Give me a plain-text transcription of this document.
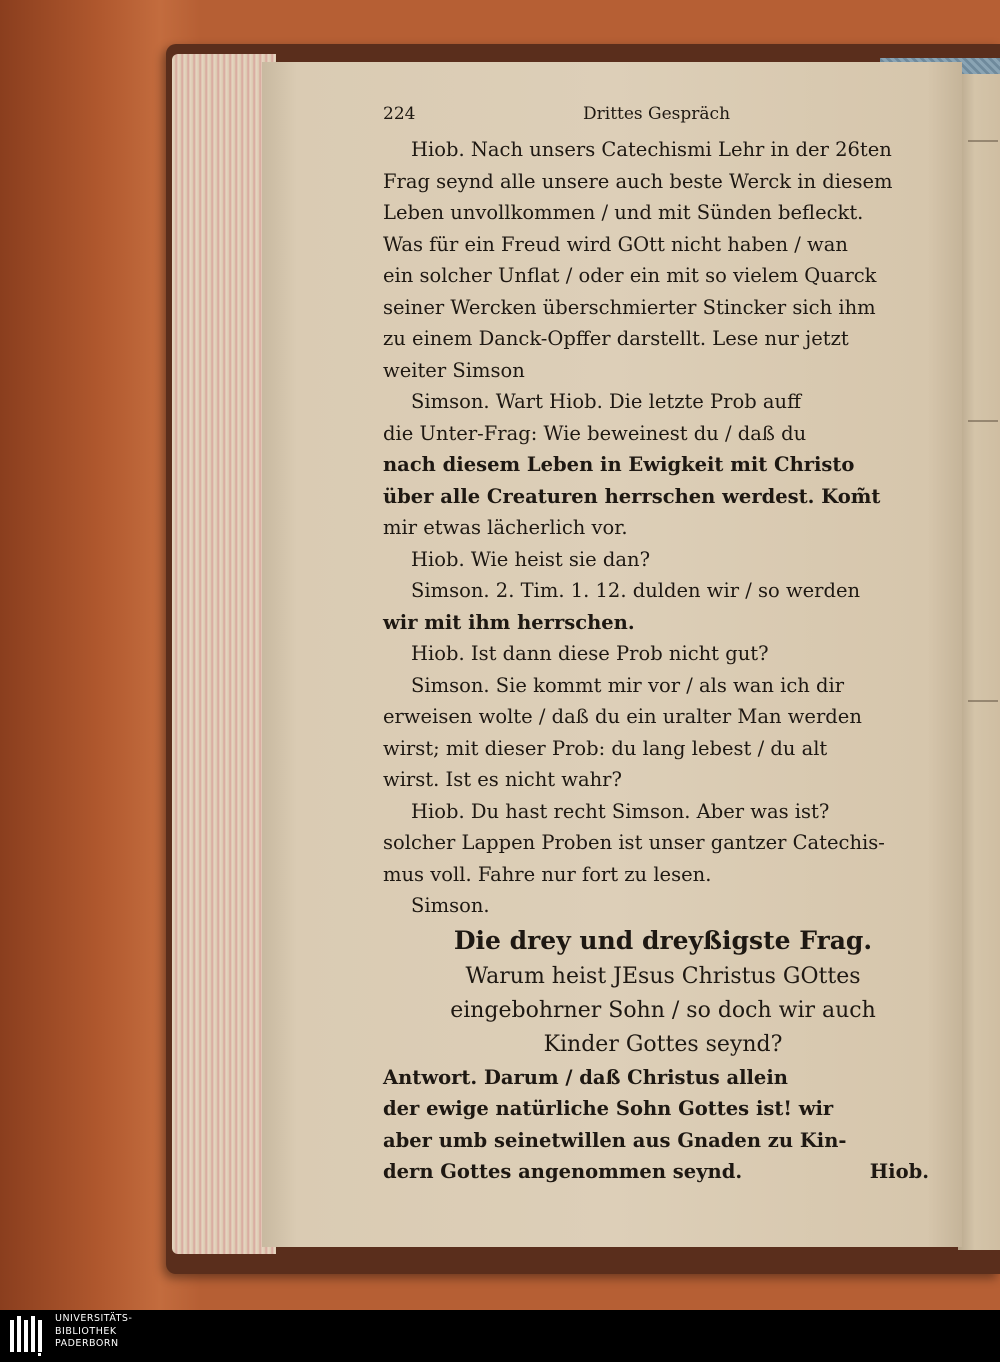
224	Drittes Gespräch
Hiob. Nach unsers Catechismi Lehr in der 26ten
Frag seynd alle unsere auch beste Werck in diesem
Leben unvollkommen / und mit Sünden befleckt.
Was für ein Freud wird GOtt nicht haben / wan
ein solcher Unflat / oder ein mit so vielem Quarck
seiner Wercken überschmierter Stincker sich ihm
zu einem Danck-Opffer darstellt. Lese nur jetzt
weiter Simson
Simson. Wart Hiob. Die letzte Prob auff
die Unter-Frag: Wie beweinest du / daß du
nach diesem Leben in Ewigkeit mit Christo
über alle Creaturen herrschen werdest. Kom̃t
mir etwas lächerlich vor.
Hiob. Wie heist sie dan?
Simson. 2. Tim. 1. 12. dulden wir / so werden
wir mit ihm herrschen.
Hiob. Ist dann diese Prob nicht gut?
Simson. Sie kommt mir vor / als wan ich dir
erweisen wolte / daß du ein uralter Man werden
wirst; mit dieser Prob: du lang lebest / du alt
wirst. Ist es nicht wahr?
Hiob. Du hast recht Simson. Aber was ist?
solcher Lappen Proben ist unser gantzer Catechis-
mus voll. Fahre nur fort zu lesen.
Simson.
Die drey und dreyßigste Frag.
Warum heist JEsus Christus GOttes
eingebohrner Sohn / so doch wir auch
Kinder Gottes seynd?
Antwort. Darum / daß Christus allein
der ewige natürliche Sohn Gottes ist! wir
aber umb seinetwillen aus Gnaden zu Kin-
dern Gottes angenommen seynd.	Hiob.
UNIVERSITÄTS-
BIBLIOTHEK
PADERBORN
